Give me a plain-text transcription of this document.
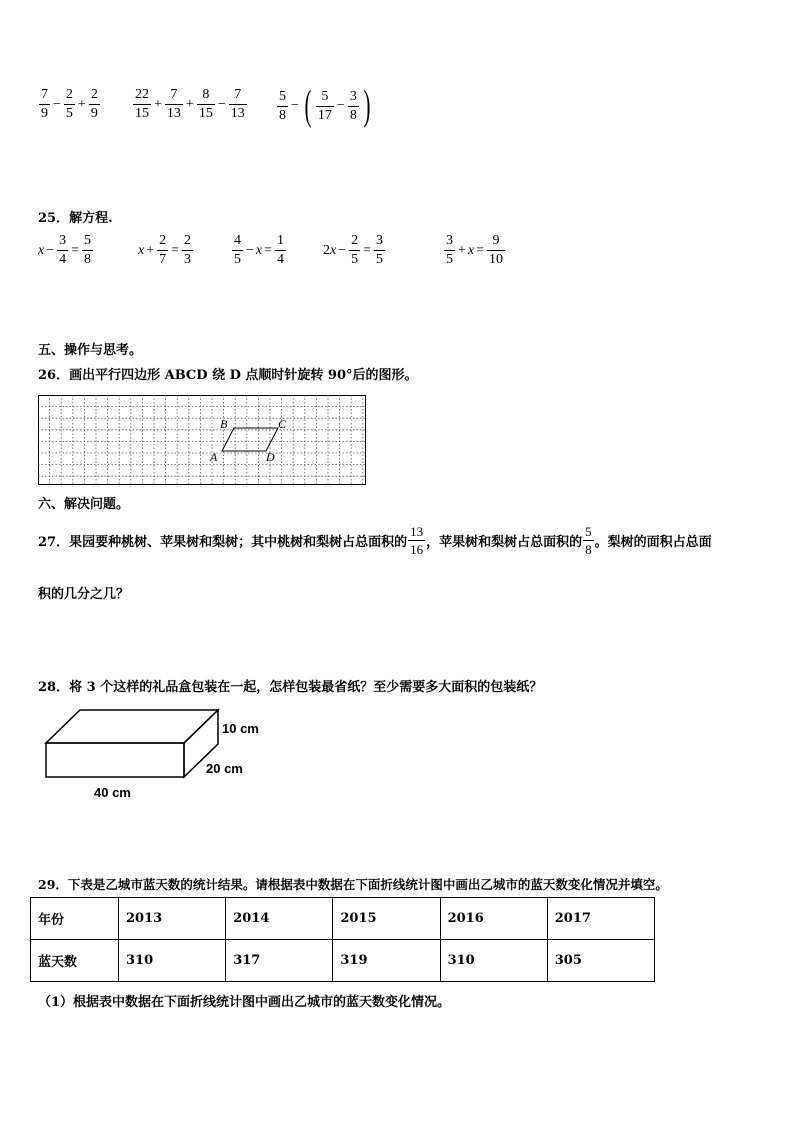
$\frac{7}{9} - \frac{2}{5} + \frac{2}{9} \frac{22}{15} + \frac{7}{13} + \frac{8}{15} - \frac{7}{13} \frac{5}{8}$ − ( $\frac{5}{17} - \frac{3}{8}$ )
25．解方程.
$x - \frac{3}{4} = \frac{5}{8}$	$x + \frac{2}{7} = \frac{2}{3}$	$\frac{4}{5} - x = \frac{1}{4}$	2 $x - \frac{2}{5} = \frac{3}{5}$	$\frac{3}{5} + x = \frac{9}{10}$
五、操作与思考。
26．画出平行四边形 ABCD 绕 D 点顺时针旋转 90°后的图形。
B	C
A	D
六、解决问题。
27．果园要种桃树、苹果树和梨树；其中桃树和梨树占总面积的 $\frac{13}{16}$ ，苹果树和梨树占总面积的 $\frac{5}{8}$ 。梨树的面积占总面
积的几分之几？
28．将 3 个这样的礼品盒包装在一起，怎样包装最省纸？至少需要多大面积的包装纸？
10 cm
20 cm
40 cm
29．下表是乙城市蓝天数的统计结果。请根据表中数据在下面折线统计图中画出乙城市的蓝天数变化情况并填空。
年份	2013	2014	2015	2016	2017
蓝天数	310	317	319	310	305
（1）根据表中数据在下面折线统计图中画出乙城市的蓝天数变化情况。
